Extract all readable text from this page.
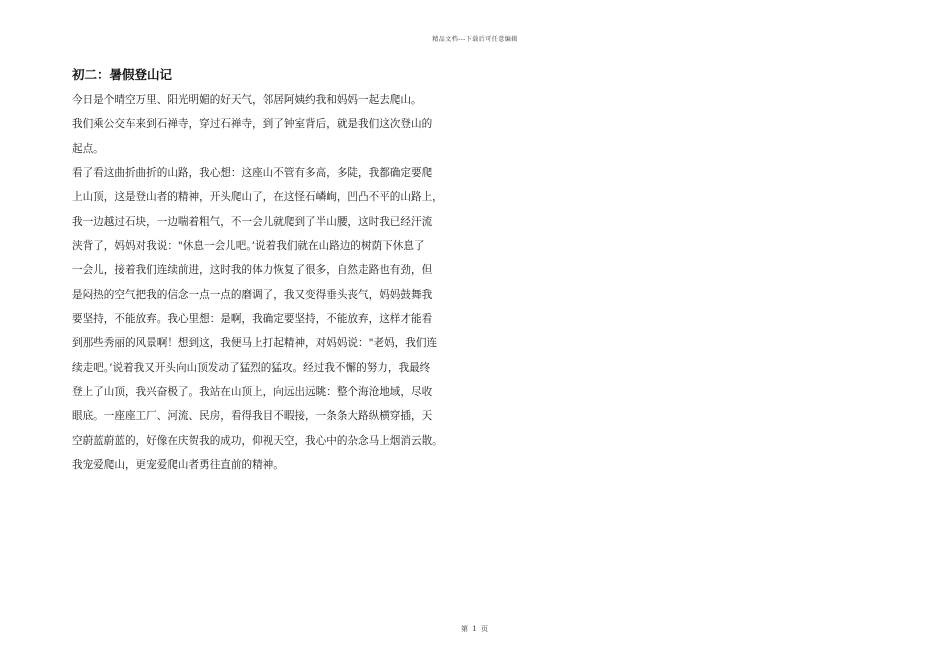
精品文档---下载后可任意编辑
初二：暑假登山记
今日是个晴空万里、阳光明媚的好天气，邻居阿姨约我和妈妈一起去爬山。
我们乘公交车来到石禅寺，穿过石禅寺，到了钟室背后，就是我们这次登山的
起点。
看了看这曲折曲折的山路，我心想：这座山不管有多高，多陡，我都确定要爬
上山顶，这是登山者的精神，开头爬山了，在这怪石嶙峋，凹凸不平的山路上，
我一边越过石块，一边喘着粗气，不一会儿就爬到了半山腰，这时我已经汗流
浃背了，妈妈对我说："休息一会儿吧。’说着我们就在山路边的树荫下休息了
一会儿，接着我们连续前进，这时我的体力恢复了很多，自然走路也有劲，但
是闷热的空气把我的信念一点一点的磨调了，我又变得垂头丧气，妈妈鼓舞我
要坚持，不能放弃。我心里想：是啊，我确定要坚持，不能放弃，这样才能看
到那些秀丽的风景啊！想到这，我便马上打起精神，对妈妈说："老妈，我们连
续走吧。’说着我又开头向山顶发动了猛烈的猛攻。经过我不懈的努力，我最终
登上了山顶，我兴奋极了。我站在山顶上，向远出远眺：整个海沧地域，尽收
眼底。一座座工厂、河流、民房，看得我目不暇接，一条条大路纵横穿插，天
空蔚蓝蔚蓝的，好像在庆贺我的成功，仰视天空，我心中的杂念马上烟消云散。
我宠爱爬山，更宠爱爬山者勇往直前的精神。
第 1 页
